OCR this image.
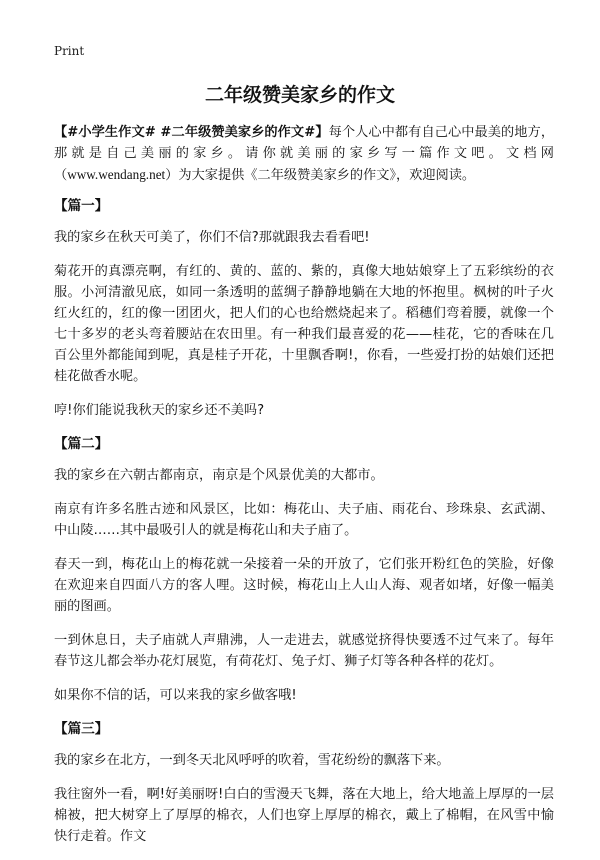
Print
二年级赞美家乡的作文

【#小学生作文# #二年级赞美家乡的作文#】每个人心中都有自己心中最美的地方，那就是自己美丽的家乡。请你就美丽的家乡写一篇作文吧。文档网（www.wendang.net）为大家提供《二年级赞美家乡的作文》，欢迎阅读。

【篇一】

我的家乡在秋天可美了，你们不信?那就跟我去看看吧!

菊花开的真漂亮啊，有红的、黄的、蓝的、紫的，真像大地姑娘穿上了五彩缤纷的衣服。小河清澈见底，如同一条透明的蓝绸子静静地躺在大地的怀抱里。枫树的叶子火红火红的，红的像一团团火，把人们的心也给燃烧起来了。稻穗们弯着腰，就像一个七十多岁的老头弯着腰站在农田里。有一种我们最喜爱的花——桂花，它的香味在几百公里外都能闻到呢，真是桂子开花，十里飘香啊!，你看，一些爱打扮的姑娘们还把桂花做香水呢。

哼!你们能说我秋天的家乡还不美吗?

【篇二】

我的家乡在六朝古都南京，南京是个风景优美的大都市。

南京有许多名胜古迹和风景区，比如：梅花山、夫子庙、雨花台、珍珠泉、玄武湖、中山陵……其中最吸引人的就是梅花山和夫子庙了。

春天一到，梅花山上的梅花就一朵接着一朵的开放了，它们张开粉红色的笑脸，好像在欢迎来自四面八方的客人哩。这时候，梅花山上人山人海、观者如堵，好像一幅美丽的图画。

一到休息日，夫子庙就人声鼎沸，人一走进去，就感觉挤得快要透不过气来了。每年春节这儿都会举办花灯展览，有荷花灯、兔子灯、狮子灯等各种各样的花灯。

如果你不信的话，可以来我的家乡做客哦!

【篇三】

我的家乡在北方，一到冬天北风呼呼的吹着，雪花纷纷的飘落下来。

我往窗外一看，啊!好美丽呀!白白的雪漫天飞舞，落在大地上，给大地盖上厚厚的一层棉被，把大树穿上了厚厚的棉衣，人们也穿上厚厚的棉衣，戴上了棉帽，在风雪中愉快行走着。作文
